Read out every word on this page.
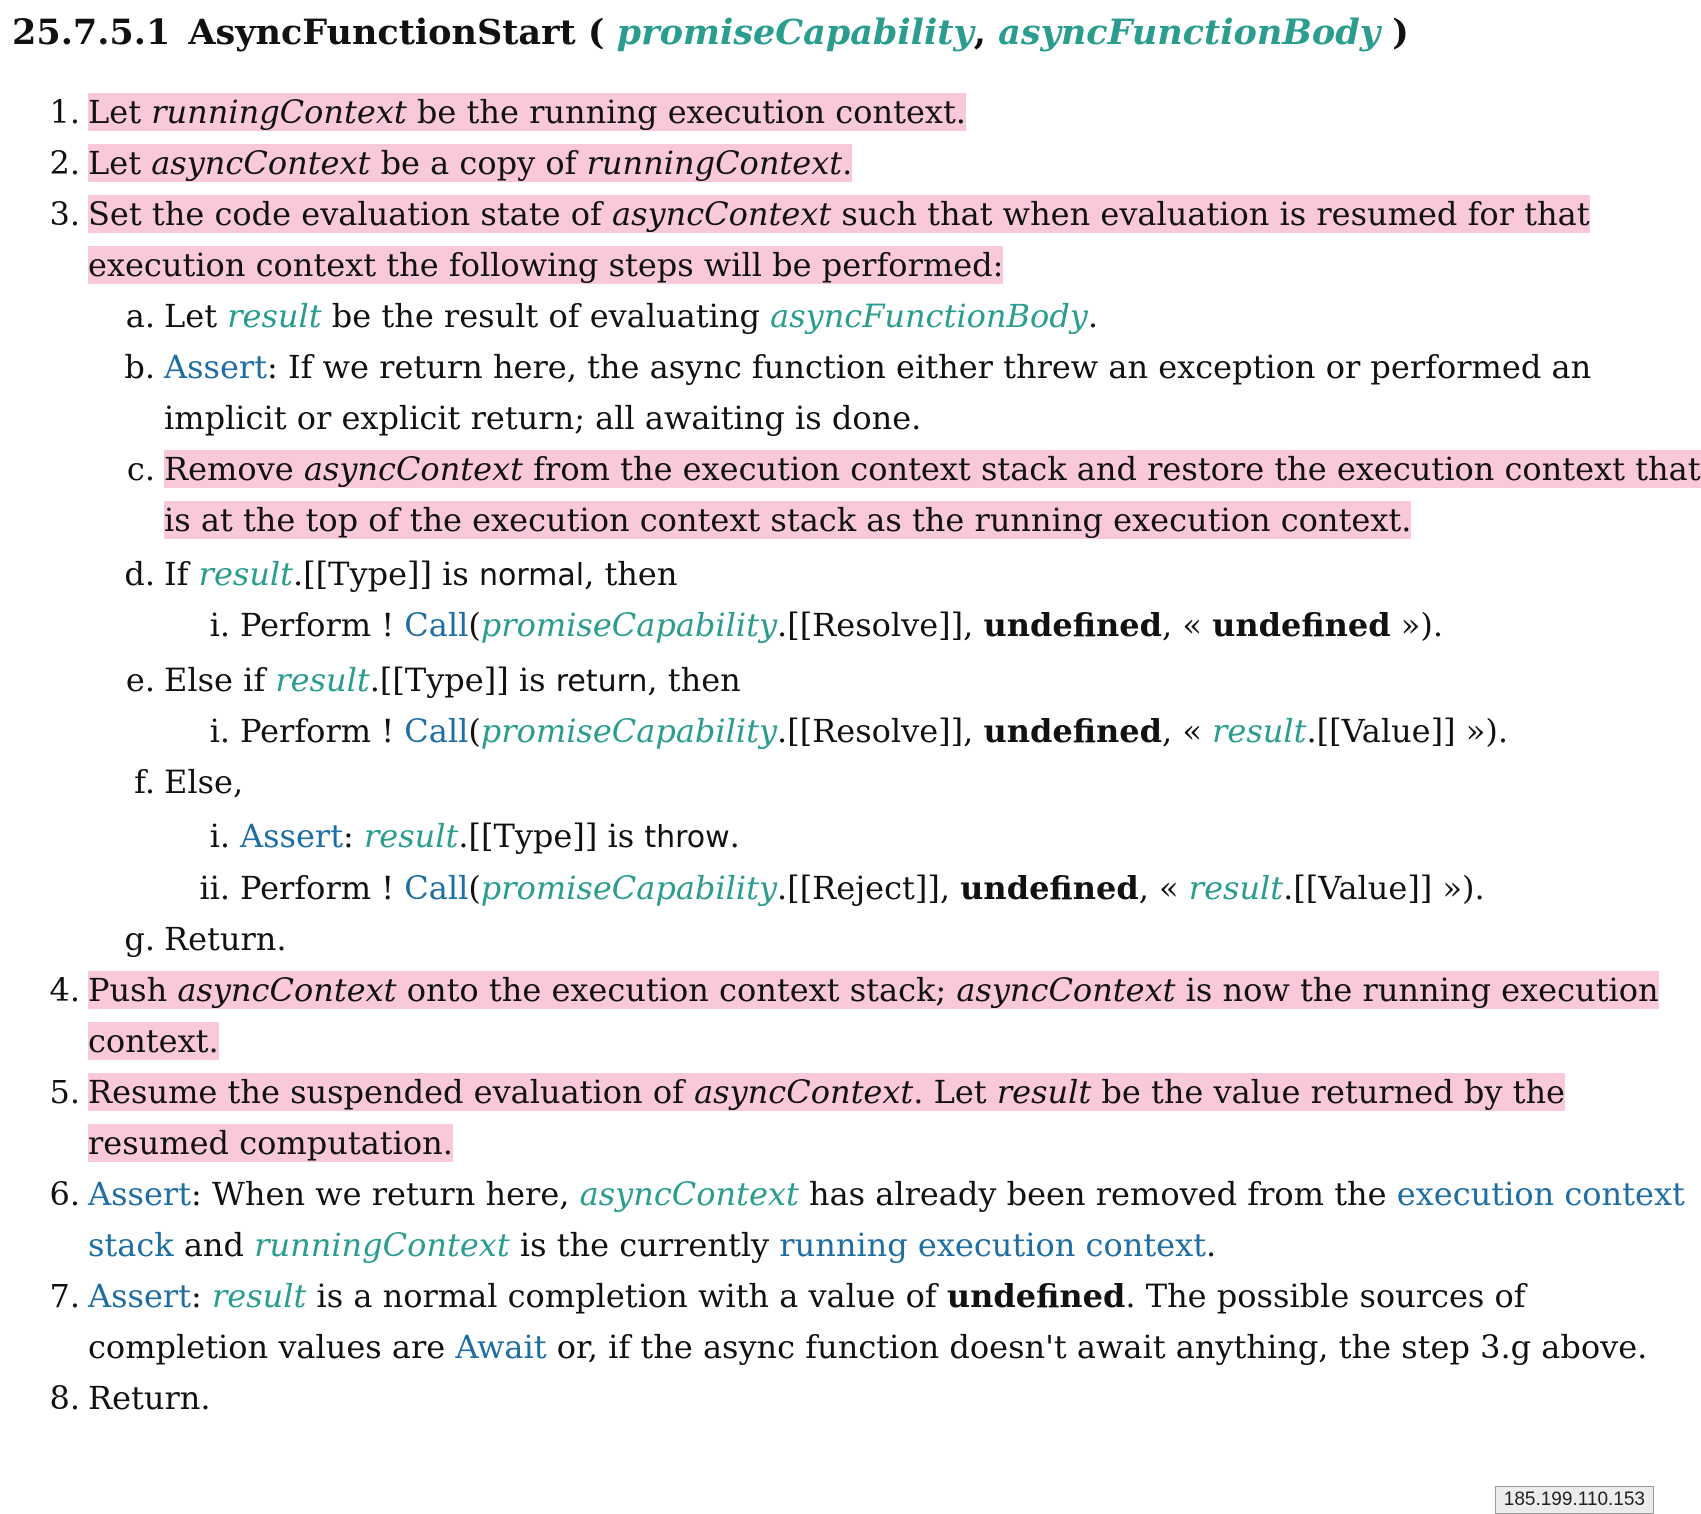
25.7.5.1 AsyncFunctionStart ( promiseCapability, asyncFunctionBody )
1. Let runningContext be the running execution context.
2. Let asyncContext be a copy of runningContext.
3. Set the code evaluation state of asyncContext such that when evaluation is resumed for that
execution context the following steps will be performed:
a. Let result be the result of evaluating asyncFunctionBody.
b. Assert: If we return here, the async function either threw an exception or performed an
implicit or explicit return; all awaiting is done.
c. Remove asyncContext from the execution context stack and restore the execution context that
is at the top of the execution context stack as the running execution context.
d. If result.[[Type]] is normal, then
i. Perform ! Call(promiseCapability.[[Resolve]], undefined, « undefined »).
e. Else if result.[[Type]] is return, then
i. Perform ! Call(promiseCapability.[[Resolve]], undefined, « result.[[Value]] »).
f. Else,
i. Assert: result.[[Type]] is throw.
ii. Perform ! Call(promiseCapability.[[Reject]], undefined, « result.[[Value]] »).
g. Return.
4. Push asyncContext onto the execution context stack; asyncContext is now the running execution
context.
5. Resume the suspended evaluation of asyncContext. Let result be the value returned by the
resumed computation.
6. Assert: When we return here, asyncContext has already been removed from the execution context
stack and runningContext is the currently running execution context.
7. Assert: result is a normal completion with a value of undefined. The possible sources of
completion values are Await or, if the async function doesn't await anything, the step 3.g above.
8. Return.
185.199.110.153
